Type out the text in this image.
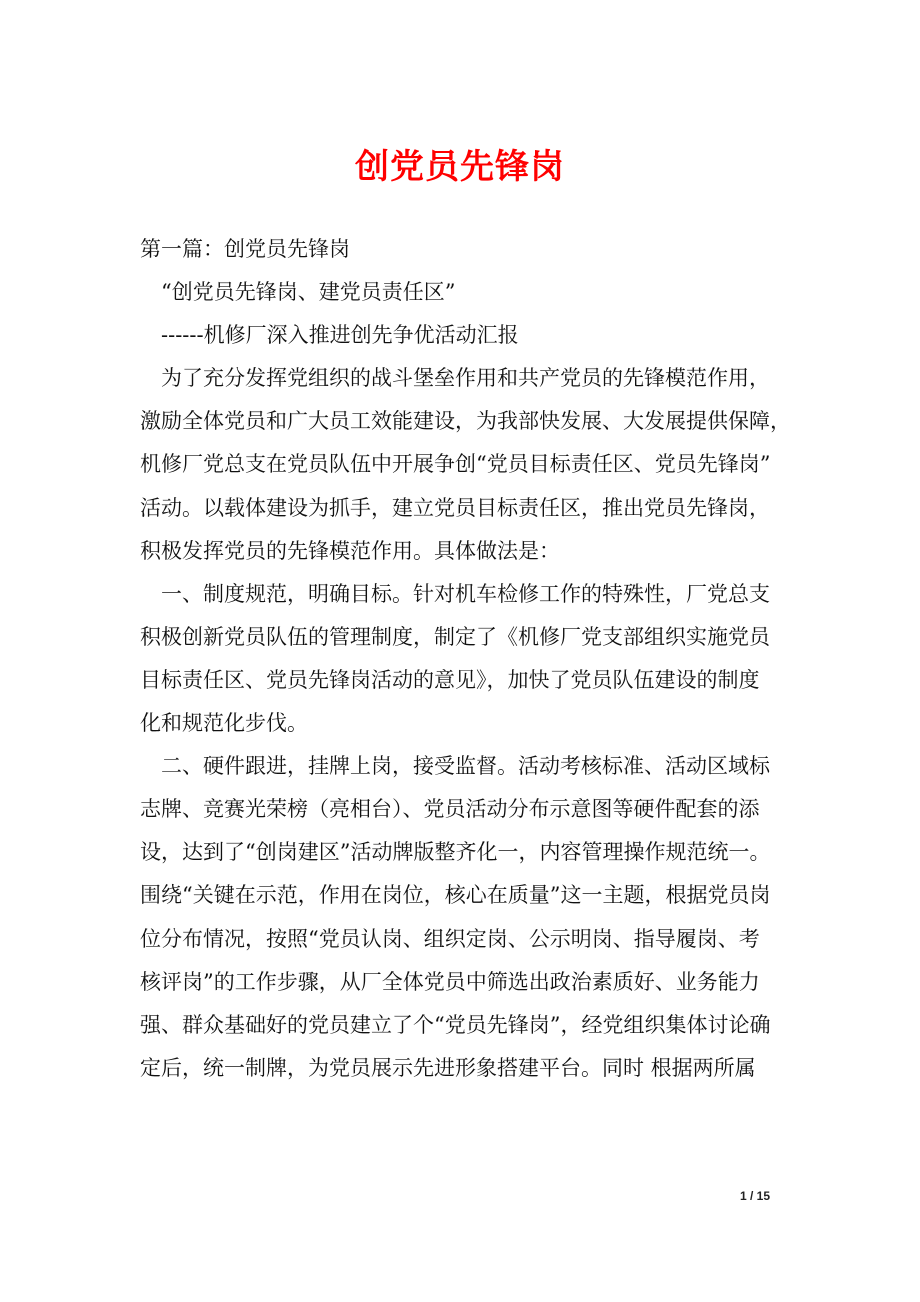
创党员先锋岗
第一篇：创党员先锋岗
“创党员先锋岗、建党员责任区”
------机修厂深入推进创先争优活动汇报
为了充分发挥党组织的战斗堡垒作用和共产党员的先锋模范作用，
激励全体党员和广大员工效能建设，为我部快发展、大发展提供保障，
机修厂党总支在党员队伍中开展争创“党员目标责任区、党员先锋岗”
活动。以载体建设为抓手，建立党员目标责任区，推出党员先锋岗，
积极发挥党员的先锋模范作用。具体做法是：
一、制度规范，明确目标。针对机车检修工作的特殊性，厂党总支
积极创新党员队伍的管理制度，制定了《机修厂党支部组织实施党员
目标责任区、党员先锋岗活动的意见》，加快了党员队伍建设的制度
化和规范化步伐。
二、硬件跟进，挂牌上岗，接受监督。活动考核标准、活动区域标
志牌、竞赛光荣榜（亮相台）、党员活动分布示意图等硬件配套的添
设，达到了“创岗建区”活动牌版整齐化一，内容管理操作规范统一。
围绕“关键在示范，作用在岗位，核心在质量”这一主题，根据党员岗
位分布情况，按照“党员认岗、组织定岗、公示明岗、指导履岗、考
核评岗”的工作步骤，从厂全体党员中筛选出政治素质好、业务能力
强、群众基础好的党员建立了个“党员先锋岗”，经党组织集体讨论确
定后，统一制牌，为党员展示先进形象搭建平台。同时 根据两所属
1 / 15
